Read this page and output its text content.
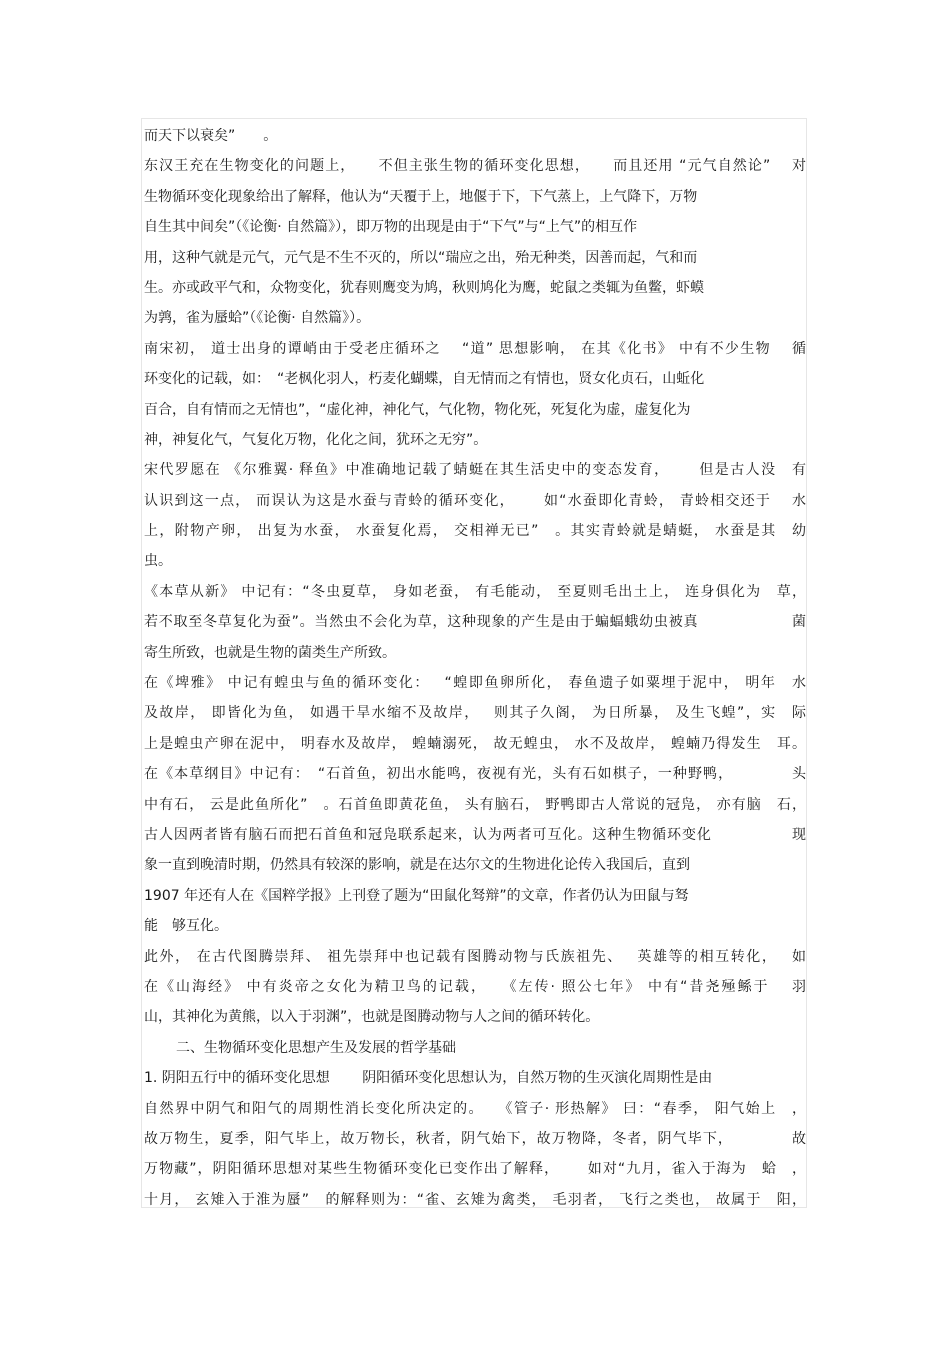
而天下以衰矣”　　。
东汉王充在生物变化的问题上，　　不但主张生物的循环变化思想，　　而且还用 “元气自然论”　 对
生物循环变化现象给出了解释，他认为“天覆于上，地偃于下，下气蒸上，上气降下，万物
自生其中间矣”（《论衡· 自然篇》），即万物的出现是由于“下气”与“上气”的相互作
用，这种气就是元气，元气是不生不灭的，所以“瑞应之出，殆无种类，因善而起，气和而
生。亦或政平气和，众物变化，犹春则鹰变为鸠，秋则鸠化为鹰，蛇鼠之类辄为鱼鳖，虾蟆
为鹑，雀为蜃蛤”（《论衡· 自然篇》）。
南宋初， 道士出身的谭峭由于受老庄循环之　 “道” 思想影响， 在其《化书》 中有不少生物　 循
环变化的记载，如：　“老枫化羽人，朽麦化蝴蝶，自无情而之有情也，贤女化贞石，山蚯化
百合，自有情而之无情也”，“虚化神，神化气，气化物，物化死，死复化为虚，虚复化为
神，神复化气，气复化万物，化化之间，犹环之无穷”。
宋代罗愿在 《尔雅翼· 释鱼》中准确地记载了蜻蜓在其生活史中的变态发育，　　 但是古人没　有
认识到这一点， 而误认为这是水蚕与青蛉的循环变化，　　 如“水蚕即化青蛉， 青蛉相交还于　 水
上，附物产卵， 出复为水蚕， 水蚕复化焉， 交相禅无已”　。其实青蛉就是蜻蜓， 水蚕是其　幼
虫。
《本草从新》 中记有：“冬虫夏草， 身如老蚕， 有毛能动， 至夏则毛出土上， 连身俱化为　草，
若不取至冬草复化为蚕”。当然虫不会化为草，这种现象的产生是由于蝙蝠蛾幼虫被真　　　　　　 菌
寄生所致，也就是生物的菌类生产所致。
在《埤雅》 中记有蝗虫与鱼的循环变化：　 “蝗即鱼卵所化， 春鱼遗子如粟埋于泥中， 明年　水
及故岸， 即皆化为鱼， 如遇干旱水缩不及故岸，　 则其子久阁， 为日所暴， 及生飞蝗”，实　际
上是蝗虫产卵在泥中， 明春水及故岸， 蝗蝻溺死， 故无蝗虫， 水不及故岸， 蝗蝻乃得发生　耳。
在《本草纲目》中记有：　“石首鱼，初出水能鸣，夜视有光，头有石如棋子，一种野鸭，　　　　 头
中有石， 云是此鱼所化”　。石首鱼即黄花鱼， 头有脑石， 野鸭即古人常说的冠凫， 亦有脑　石，
古人因两者皆有脑石而把石首鱼和冠凫联系起来，认为两者可互化。这种生物循环变化　　　　　 现
象一直到晚清时期，仍然具有较深的影响，就是在达尔文的生物进化论传入我国后，直到
1907 年还有人在《国粹学报》上刊登了题为“田鼠化驽辩”的文章，作者仍认为田鼠与驽
能　够互化。
此外， 在古代图腾崇拜、 祖先崇拜中也记载有图腾动物与氏族祖先、　 英雄等的相互转化，　 如
在《山海经》 中有炎帝之女化为精卫鸟的记载，　 《左传· 照公七年》 中有“昔尧殛鲧于　 羽
山，其神化为黄熊，以入于羽渊”，也就是图腾动物与人之间的循环转化。
二、生物循环变化思想产生及发展的哲学基础
1. 阴阳五行中的循环变化思想　　 阴阳循环变化思想认为，自然万物的生灭演化周期性是由
自然界中阴气和阳气的周期性消长变化所决定的。　 《管子· 形热解》 曰：“春季， 阳气始上　，
故万物生，夏季，阳气毕上，故万物长，秋者，阴气始下，故万物降，冬者，阴气毕下，　　　　 故
万物藏”，阴阳循环思想对某些生物循环变化已变作出了解释，　　 如对“九月，雀入于海为　蛤　，
十月， 玄雉入于淮为蜃”　的解释则为：“雀、玄雉为禽类， 毛羽者， 飞行之类也， 故属于　阳，
